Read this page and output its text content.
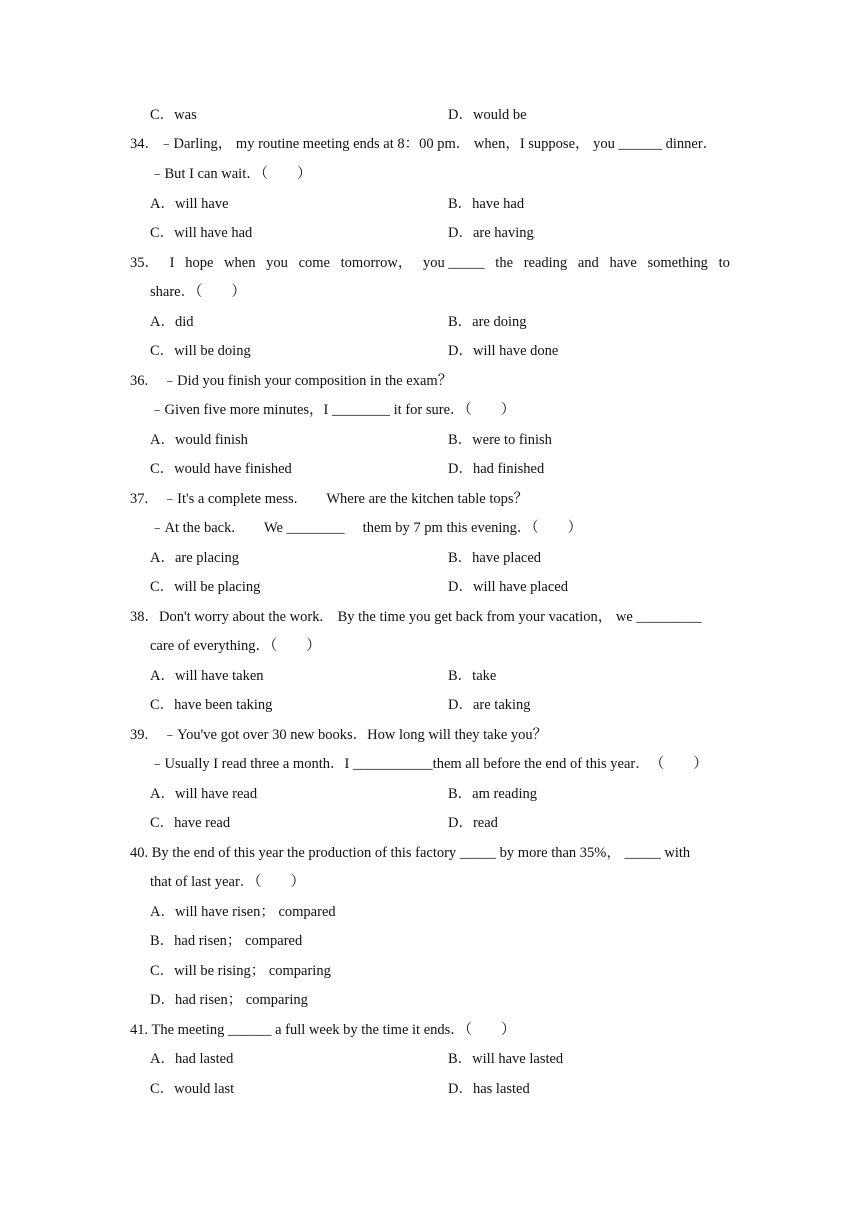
C．was	D．would be
34．﹣Darling， my routine meeting ends at 8：00 pm． when，I suppose， you ______ dinner．
﹣But I can wait．（　　）
A．will have	B．have had
C．will have had	D．are having
35． I hope when you come tomorrow， you _____ the reading and have something to
share．（　　）
A．did	B．are doing
C．will be doing	D．will have done
36.　﹣Did you finish your composition in the exam？
﹣Given five more minutes，I ________ it for sure．（　　）
A．would finish	B．were to finish
C．would have finished	D．had finished
37.　﹣It's a complete mess.　　Where are the kitchen table tops？
﹣At the back.　　We ________　 them by 7 pm this evening．（　　）
A．are placing	B．have placed
C．will be placing	D．will have placed
38．Don't worry about the work.　By the time you get back from your vacation， we _________
care of everything．（　　）
A．will have taken	B．take
C．have been taking	D．are taking
39.　﹣You've got over 30 new books．How long will they take you？
﹣Usually I read three a month．I ___________them all before the end of this year．　（　　）
A．will have read	B．am reading
C．have read	D．read
40. By the end of this year the production of this factory _____ by more than 35%， _____ with
that of last year．（　　）
A．will have risen； compared
B．had risen； compared
C．will be rising； comparing
D．had risen； comparing
41. The meeting ______ a full week by the time it ends．（　　）
A．had lasted	B．will have lasted
C．would last	D．has lasted
